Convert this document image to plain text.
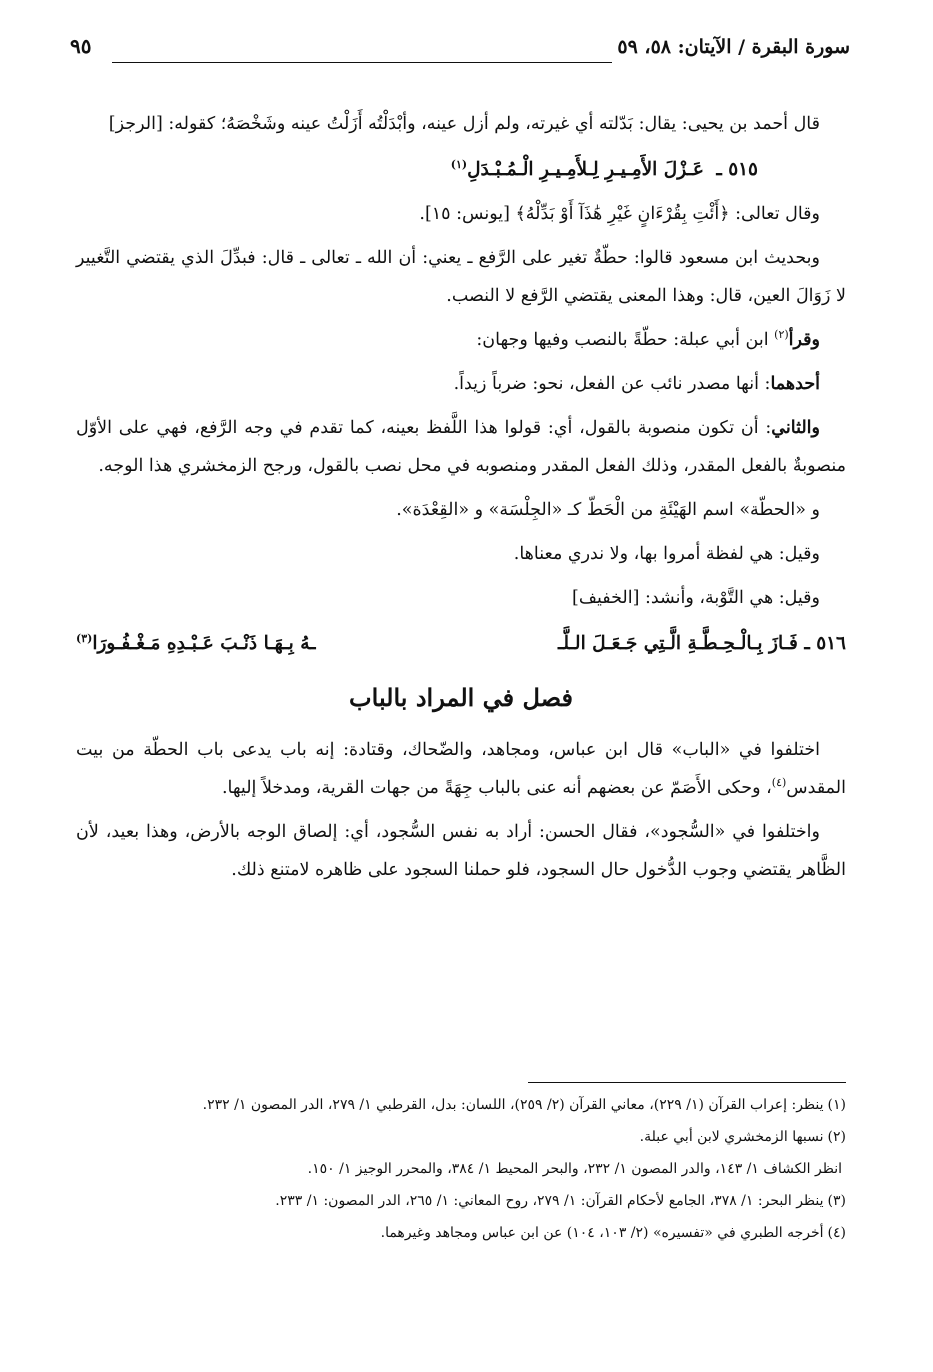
سورة البقرة / الآيتان: ٥٨، ٥٩
٩٥

قال أحمد بن يحيى: يقال: بَدّلته أي غيرته، ولم أزل عينه، وأبْدَلْتُه أَزَلْتُ عينه وشَخْصَهُ؛ كقوله: [الرجز]

٥١٥ ـ عَـزْلَ الأَمِـيـرِ لِـلأَمِـيـرِ الْـمُـبْـدَلِ$^{(١)}$

وقال تعالى: ﴿أَئْتِ بِقُرْءَانٍ غَيْرِ هَٰذَآ أَوْ بَدِّلْهُ﴾ [يونس: ١٥].

وبحديث ابن مسعود قالوا: حطّةٌ تغير على الرَّفع ـ يعني: أن الله ـ تعالى ـ قال: فبدِّلَ الذي يقتضي التَّغيير لا زَوَالَ العين، قال: وهذا المعنى يقتضي الرَّفع لا النصب.

وقرأ$^{(٢)}$ ابن أبي عبلة: حطّةً بالنصب وفيها وجهان:

أحدهما: أنها مصدر نائب عن الفعل، نحو: ضرباً زيداً.

والثاني: أن تكون منصوبة بالقول، أي: قولوا هذا اللَّفظ بعينه، كما تقدم في وجه الرَّفع، فهي على الأوّل منصوبةٌ بالفعل المقدر، وذلك الفعل المقدر ومنصوبه في محل نصب بالقول، ورجح الزمخشري هذا الوجه.

و «الحطّة» اسم الهَيْئَةِ من الْحَطّ كـ «الجِلْسَة» و «القِعْدَة».

وقيل: هي لفظة أمروا بها، ولا ندري معناها.

وقيل: هي التَّوْبة، وأنشد: [الخفيف]

٥١٦ ـ فَـازَ بِـالْـحِـطَّـةِ الَّـتِي جَـعَـلَ الـلَّـ
ـهُ بِـهَـا ذَنْـبَ عَـبْـدِهِ مَـغْـفُـورَا$^{(٣)}$
فصل في المراد بالباب

اختلفوا في «الباب» قال ابن عباس، ومجاهد، والضّحاك، وقتادة: إنه باب يدعى باب الحطّة من بيت المقدس$^{(٤)}$، وحكى الأَصَمّ عن بعضهم أنه عنى بالباب جِهَةً من جهات القرية، ومدخلاً إليها.

واختلفوا في «السُّجود»، فقال الحسن: أراد به نفس السُّجود، أي: إلصاق الوجه بالأرض، وهذا بعيد، لأن الظَّاهر يقتضي وجوب الدُّخول حال السجود، فلو حملنا السجود على ظاهره لامتنع ذلك.

(١)ينظر: إعراب القرآن (١/ ٢٢٩)، معاني القرآن (٢/ ٢٥٩)، اللسان: بدل، القرطبي ١/ ٢٧٩، الدر المصون ١/ ٢٣٢.
(٢)نسبها الزمخشري لابن أبي عبلة.
انظر الكشاف ١/ ١٤٣، والدر المصون ١/ ٢٣٢، والبحر المحيط ١/ ٣٨٤، والمحرر الوجيز ١/ ١٥٠.
(٣)ينظر البحر: ١/ ٣٧٨، الجامع لأحكام القرآن: ١/ ٢٧٩، روح المعاني: ١/ ٢٦٥، الدر المصون: ١/ ٢٣٣.
(٤)أخرجه الطبري في «تفسيره» (٢/ ١٠٣، ١٠٤) عن ابن عباس ومجاهد وغيرهما.
